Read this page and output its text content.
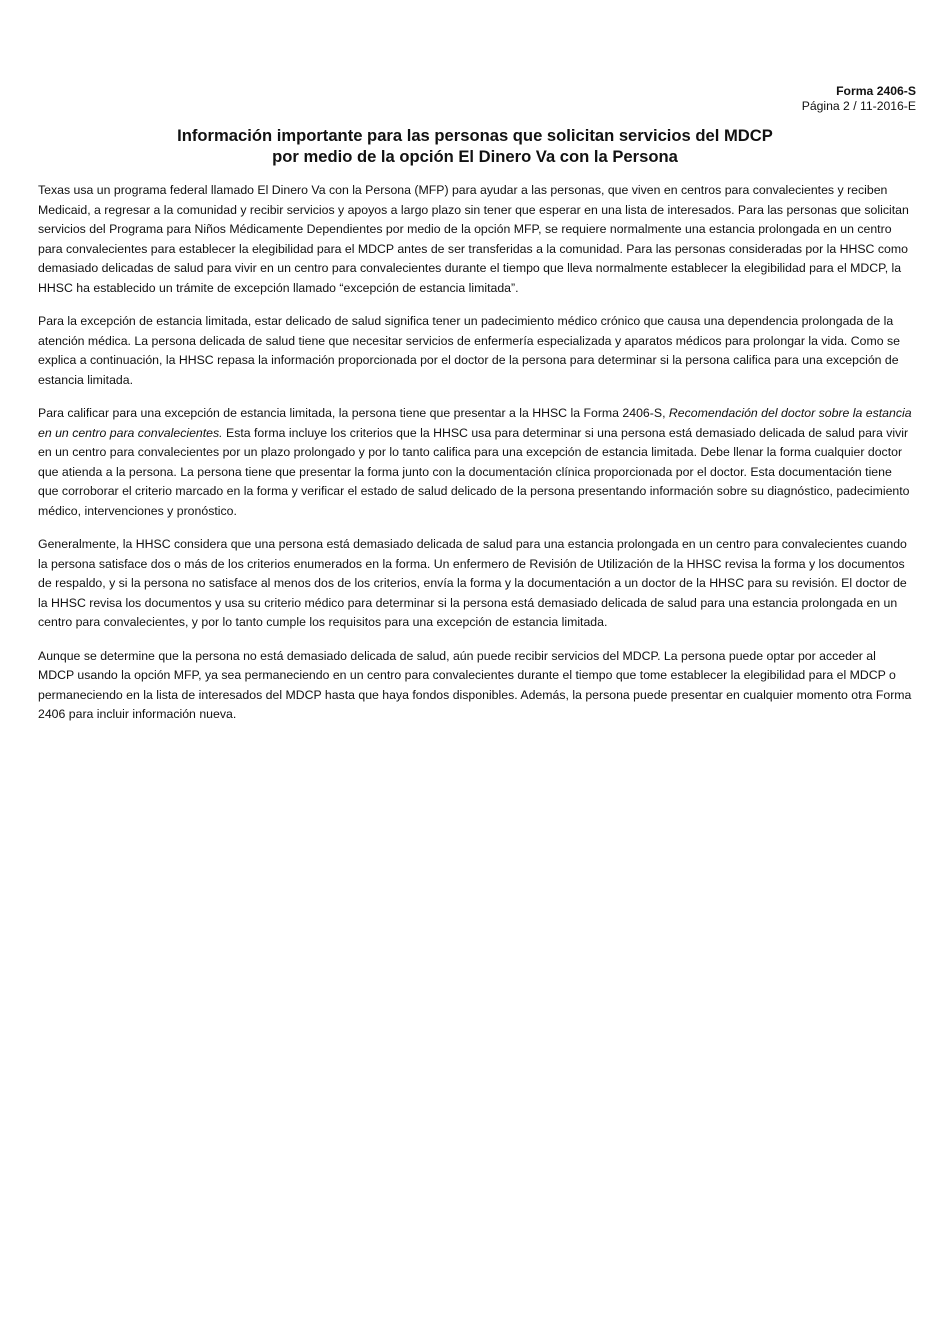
Forma 2406-S
Página 2 / 11-2016-E
Información importante para las personas que solicitan servicios del MDCP
por medio de la opción El Dinero Va con la Persona

Texas usa un programa federal llamado El Dinero Va con la Persona (MFP) para ayudar a las personas, que viven en centros para convalecientes y reciben Medicaid, a regresar a la comunidad y recibir servicios y apoyos a largo plazo sin tener que esperar en una lista de interesados. Para las personas que solicitan servicios del Programa para Niños Médicamente Dependientes por medio de la opción MFP, se requiere normalmente una estancia prolongada en un centro para convalecientes para establecer la elegibilidad para el MDCP antes de ser transferidas a la comunidad. Para las personas consideradas por la HHSC como demasiado delicadas de salud para vivir en un centro para convalecientes durante el tiempo que lleva normalmente establecer la elegibilidad para el MDCP, la HHSC ha establecido un trámite de excepción llamado “excepción de estancia limitada”.

Para la excepción de estancia limitada, estar delicado de salud significa tener un padecimiento médico crónico que causa una dependencia prolongada de la atención médica. La persona delicada de salud tiene que necesitar servicios de enfermería especializada y aparatos médicos para prolongar la vida. Como se explica a continuación, la HHSC repasa la información proporcionada por el doctor de la persona para determinar si la persona califica para una excepción de estancia limitada.

Para calificar para una excepción de estancia limitada, la persona tiene que presentar a la HHSC la Forma 2406-S, Recomendación del doctor sobre la estancia en un centro para convalecientes. Esta forma incluye los criterios que la HHSC usa para determinar si una persona está demasiado delicada de salud para vivir en un centro para convalecientes por un plazo prolongado y por lo tanto califica para una excepción de estancia limitada. Debe llenar la forma cualquier doctor que atienda a la persona. La persona tiene que presentar la forma junto con la documentación clínica proporcionada por el doctor. Esta documentación tiene que corroborar el criterio marcado en la forma y verificar el estado de salud delicado de la persona presentando información sobre su diagnóstico, padecimiento médico, intervenciones y pronóstico.

Generalmente, la HHSC considera que una persona está demasiado delicada de salud para una estancia prolongada en un centro para convalecientes cuando la persona satisface dos o más de los criterios enumerados en la forma. Un enfermero de Revisión de Utilización de la HHSC revisa la forma y los documentos de respaldo, y si la persona no satisface al menos dos de los criterios, envía la forma y la documentación a un doctor de la HHSC para su revisión. El doctor de la HHSC revisa los documentos y usa su criterio médico para determinar si la persona está demasiado delicada de salud para una estancia prolongada en un centro para convalecientes, y por lo tanto cumple los requisitos para una excepción de estancia limitada.

Aunque se determine que la persona no está demasiado delicada de salud, aún puede recibir servicios del MDCP. La persona puede optar por acceder al MDCP usando la opción MFP, ya sea permaneciendo en un centro para convalecientes durante el tiempo que tome establecer la elegibilidad para el MDCP o permaneciendo en la lista de interesados del MDCP hasta que haya fondos disponibles. Además, la persona puede presentar en cualquier momento otra Forma 2406 para incluir información nueva.
